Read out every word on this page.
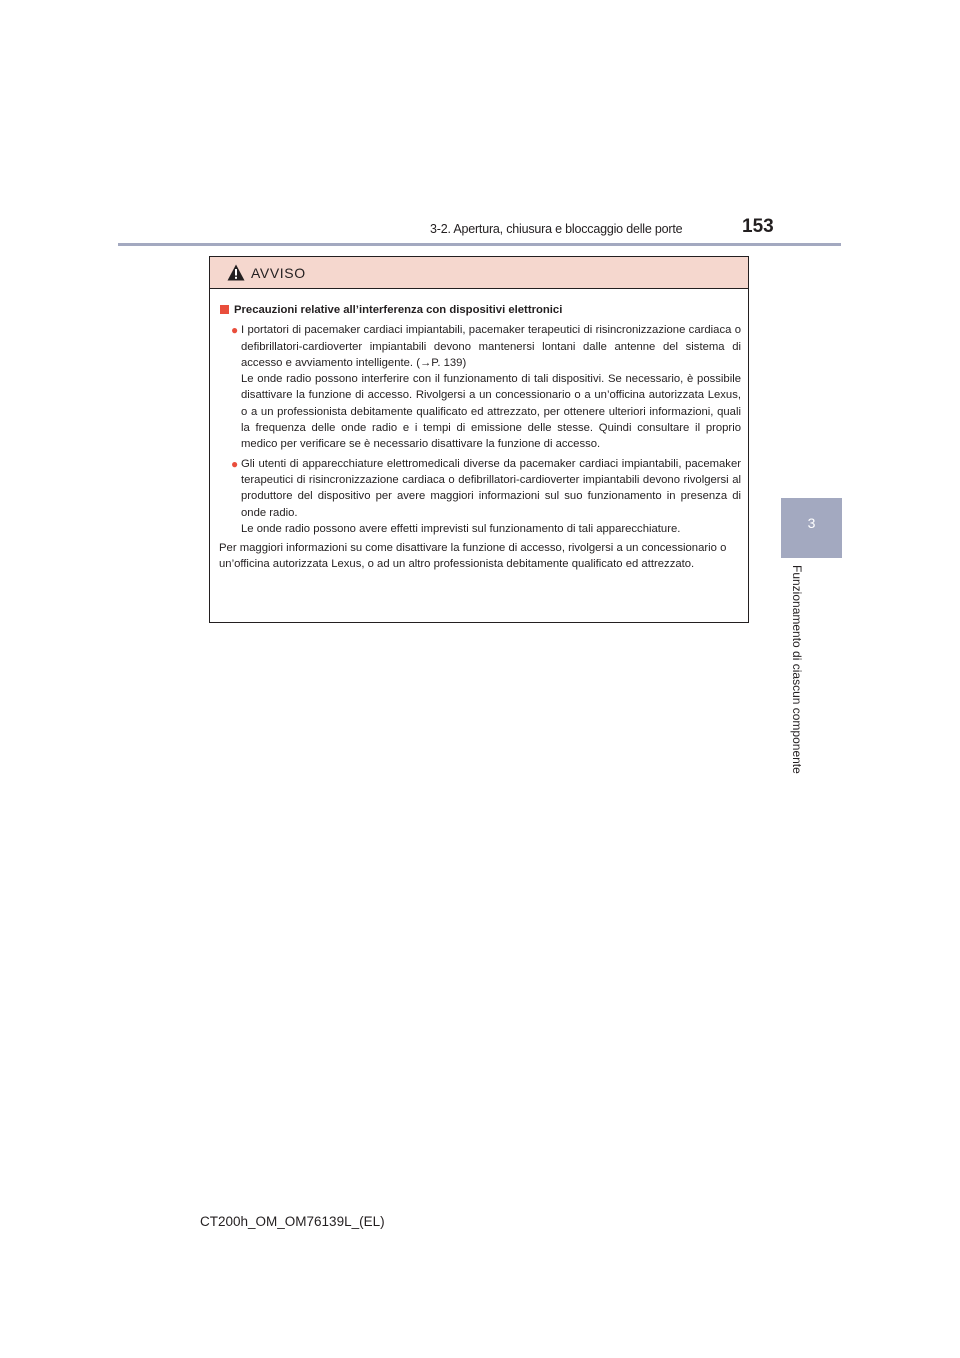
3-2. Apertura, chiusura e bloccaggio delle porte	153
3
Funzionamento di ciascun componente
AVVISO
Precauzioni relative all’interferenza con dispositivi elettronici
● I portatori di pacemaker cardiaci impiantabili, pacemaker terapeutici di risincronizzazione cardiaca o defibrillatori-cardioverter impiantabili devono mantenersi lontani dalle antenne del sistema di accesso e avviamento intelligente. (→P. 139)

Le onde radio possono interferire con il funzionamento di tali dispositivi. Se necessario, è possibile disattivare la funzione di accesso. Rivolgersi a un concessionario o a un’officina autorizzata Lexus, o a un professionista debitamente qualificato ed attrezzato, per ottenere ulteriori informazioni, quali la frequenza delle onde radio e i tempi di emissione delle stesse. Quindi consultare il proprio medico per verificare se è necessario disattivare la funzione di accesso.

● Gli utenti di apparecchiature elettromedicali diverse da pacemaker cardiaci impiantabili, pacemaker terapeutici di risincronizzazione cardiaca o defibrillatori-cardioverter impiantabili devono rivolgersi al produttore del dispositivo per avere maggiori informazioni sul suo funzionamento in presenza di onde radio.

Le onde radio possono avere effetti imprevisti sul funzionamento di tali apparecchiature.

Per maggiori informazioni su come disattivare la funzione di accesso, rivolgersi a un concessionario o un’officina autorizzata Lexus, o ad un altro professionista debitamente qualificato ed attrezzato.
CT200h_OM_OM76139L_(EL)
